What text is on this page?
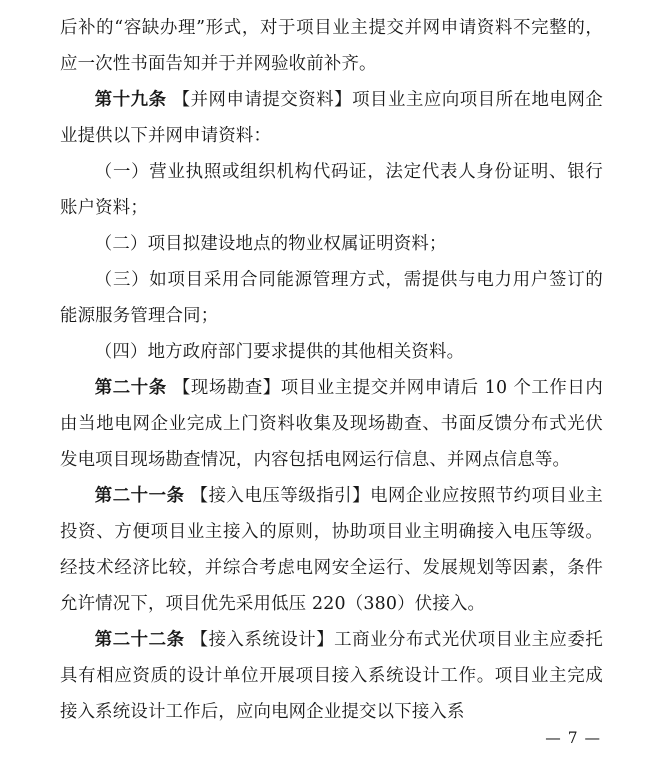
后补的“容缺办理”形式，对于项目业主提交并网申请资料不完整的，应一次性书面告知并于并网验收前补齐。

第十九条 【并网申请提交资料】项目业主应向项目所在地电网企业提供以下并网申请资料：

（一）营业执照或组织机构代码证，法定代表人身份证明、银行账户资料；

（二）项目拟建设地点的物业权属证明资料；

（三）如项目采用合同能源管理方式，需提供与电力用户签订的能源服务管理合同；

（四）地方政府部门要求提供的其他相关资料。

第二十条 【现场勘查】项目业主提交并网申请后 10 个工作日内由当地电网企业完成上门资料收集及现场勘查、书面反馈分布式光伏发电项目现场勘查情况，内容包括电网运行信息、并网点信息等。

第二十一条 【接入电压等级指引】电网企业应按照节约项目业主投资、方便项目业主接入的原则，协助项目业主明确接入电压等级。经技术经济比较，并综合考虑电网安全运行、发展规划等因素，条件允许情况下，项目优先采用低压 220（380）伏接入。

第二十二条 【接入系统设计】工商业分布式光伏项目业主应委托具有相应资质的设计单位开展项目接入系统设计工作。项目业主完成接入系统设计工作后，应向电网企业提交以下接入系

— 7 —
